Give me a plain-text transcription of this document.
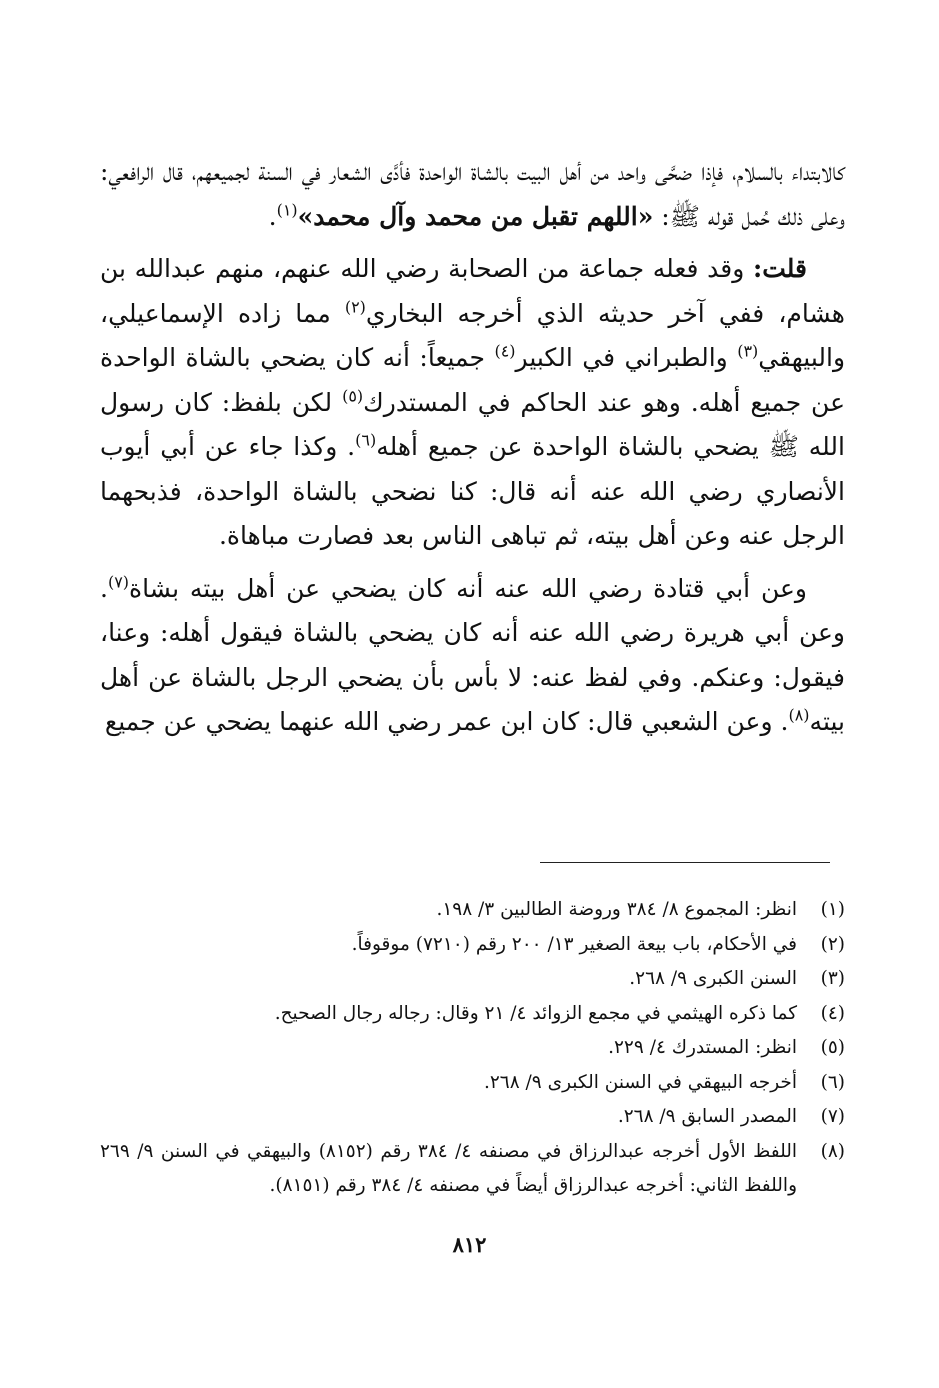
كالابتداء بالسلام، فإذا ضحَّى واحد من أهل البيت بالشاة الواحدة فأدَّى الشعار في السنة لجميعهم، قال الرافعي: وعلى ذلك حُمل قوله ﷺ: «اللهم تقبل من محمد وآل محمد»$^{(١)}$.

قلت: وقد فعله جماعة من الصحابة رضي الله عنهم، منهم عبدالله بن هشام، ففي آخر حديثه الذي أخرجه البخاري$^{(٢)}$ مما زاده الإسماعيلي، والبيهقي$^{(٣)}$ والطبراني في الكبير$^{(٤)}$ جميعاً: أنه كان يضحي بالشاة الواحدة عن جميع أهله. وهو عند الحاكم في المستدرك$^{(٥)}$ لكن بلفظ: كان رسول الله ﷺ يضحي بالشاة الواحدة عن جميع أهله$^{(٦)}$. وكذا جاء عن أبي أيوب الأنصاري رضي الله عنه أنه قال: كنا نضحي بالشاة الواحدة، فذبحهما الرجل عنه وعن أهل بيته، ثم تباهى الناس بعد فصارت مباهاة.

وعن أبي قتادة رضي الله عنه أنه كان يضحي عن أهل بيته بشاة$^{(٧)}$. وعن أبي هريرة رضي الله عنه أنه كان يضحي بالشاة فيقول أهله: وعنا، فيقول: وعنكم. وفي لفظ عنه: لا بأس بأن يضحي الرجل بالشاة عن أهل بيته$^{(٨)}$. وعن الشعبي قال: كان ابن عمر رضي الله عنهما يضحي عن جميع

(١)
انظر: المجموع ٨/ ٣٨٤ وروضة الطالبين ٣/ ١٩٨.
(٢)
في الأحكام، باب بيعة الصغير ١٣/ ٢٠٠ رقم (٧٢١٠) موقوفاً.
(٣)
السنن الكبرى ٩/ ٢٦٨.
(٤)
كما ذكره الهيثمي في مجمع الزوائد ٤/ ٢١ وقال: رجاله رجال الصحيح.
(٥)
انظر: المستدرك ٤/ ٢٢٩.
(٦)
أخرجه البيهقي في السنن الكبرى ٩/ ٢٦٨.
(٧)
المصدر السابق ٩/ ٢٦٨.
(٨)
اللفظ الأول أخرجه عبدالرزاق في مصنفه ٤/ ٣٨٤ رقم (٨١٥٢) والبيهقي في السنن ٩/ ٢٦٩ واللفظ الثاني: أخرجه عبدالرزاق أيضاً في مصنفه ٤/ ٣٨٤ رقم (٨١٥١).
٨١٢
